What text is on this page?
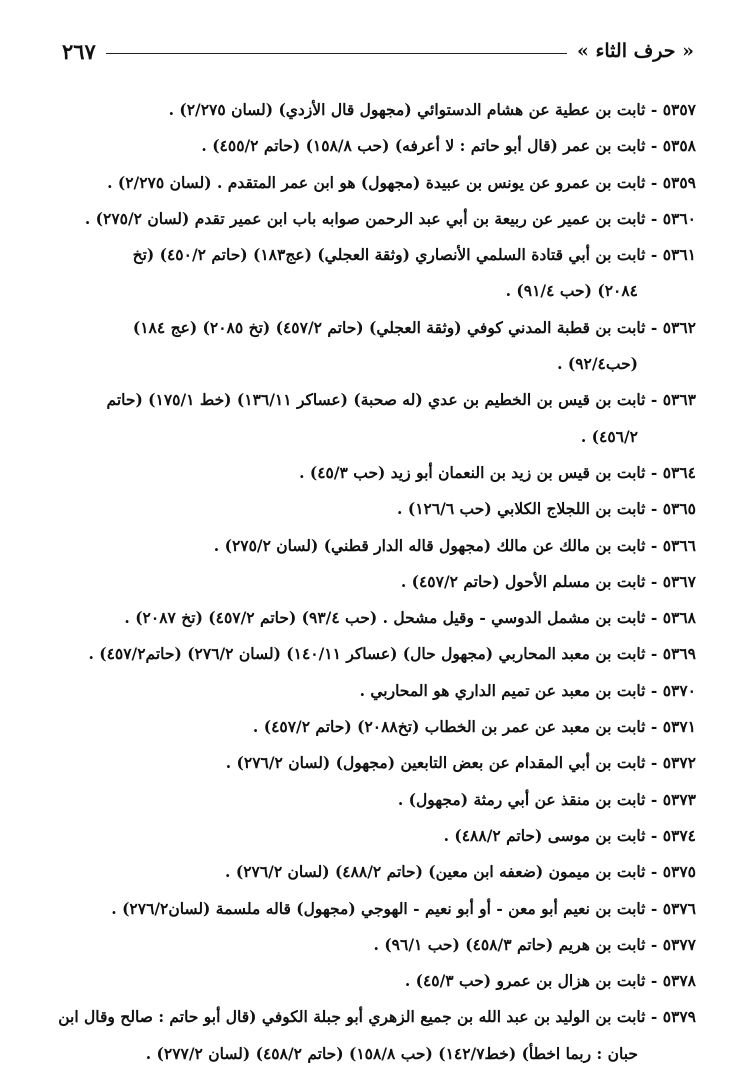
« حرف الثاء »
٢٦٧
٥٣٥٧ - ثابت بن عطية عن هشام الدستوائي (مجهول قال الأزدي) (لسان ٢/٢٧٥) .
٥٣٥٨ - ثابت بن عمر (قال أبو حاتم : لا أعرفه) (حب ١٥٨/٨) (حاتم ٤٥٥/٢) .
٥٣٥٩ - ثابت بن عمرو عن يونس بن عبيدة (مجهول) هو ابن عمر المتقدم . (لسان ٢/٢٧٥) .
٥٣٦٠ - ثابت بن عمير عن ربيعة بن أبي عبد الرحمن صوابه باب ابن عمير تقدم (لسان ٢٧٥/٢) .
٥٣٦١ - ثابت بن أبي قتادة السلمي الأنصاري (وثقة العجلي) (عج١٨٣) (حاتم ٤٥٠/٢) (تخ
٢٠٨٤) (حب ٩١/٤) .
٥٣٦٢ - ثابت بن قطبة المدني كوفي (وثقة العجلي) (حاتم ٤٥٧/٢) (تخ ٢٠٨٥) (عج ١٨٤)
(حب٩٢/٤) .
٥٣٦٣ - ثابت بن قيس بن الخطيم بن عدي (له صحبة) (عساكر ١٣٦/١١) (خط ١٧٥/١) (حاتم
٤٥٦/٢) .
٥٣٦٤ - ثابت بن قيس بن زيد بن النعمان أبو زيد (حب ٤٥/٣) .
٥٣٦٥ - ثابت بن اللجلاج الكلابي (حب ١٢٦/٦) .
٥٣٦٦ - ثابت بن مالك عن مالك (مجهول قاله الدار قطني) (لسان ٢٧٥/٢) .
٥٣٦٧ - ثابت بن مسلم الأحول (حاتم ٤٥٧/٢) .
٥٣٦٨ - ثابت بن مشمل الدوسي - وقيل مشحل . (حب ٩٣/٤) (حاتم ٤٥٧/٢) (تخ ٢٠٨٧) .
٥٣٦٩ - ثابت بن معبد المحاربي (مجهول حال) (عساكر ١٤٠/١١) (لسان ٢٧٦/٢) (حاتم٤٥٧/٢) .
٥٣٧٠ - ثابت بن معبد عن تميم الداري هو المحاربي .
٥٣٧١ - ثابت بن معبد عن عمر بن الخطاب (تخ٢٠٨٨) (حاتم ٤٥٧/٢) .
٥٣٧٢ - ثابت بن أبي المقدام عن بعض التابعين (مجهول) (لسان ٢٧٦/٢) .
٥٣٧٣ - ثابت بن منقذ عن أبي رمثة (مجهول) .
٥٣٧٤ - ثابت بن موسى (حاتم ٤٨٨/٢) .
٥٣٧٥ - ثابت بن ميمون (ضعفه ابن معين) (حاتم ٤٨٨/٢) (لسان ٢٧٦/٢) .
٥٣٧٦ - ثابت بن نعيم أبو معن - أو أبو نعيم - الهوجي (مجهول) قاله ملسمة (لسان٢٧٦/٢) .
٥٣٧٧ - ثابت بن هريم (حاتم ٤٥٨/٣) (حب ٩٦/١) .
٥٣٧٨ - ثابت بن هزال بن عمرو (حب ٤٥/٣) .
٥٣٧٩ - ثابت بن الوليد بن عبد الله بن جميع الزهري أبو جبلة الكوفي (قال أبو حاتم : صالح وقال ابن
حبان : ربما اخطأ) (خط١٤٢/٧) (حب ١٥٨/٨) (حاتم ٤٥٨/٢) (لسان ٢٧٧/٢) .
